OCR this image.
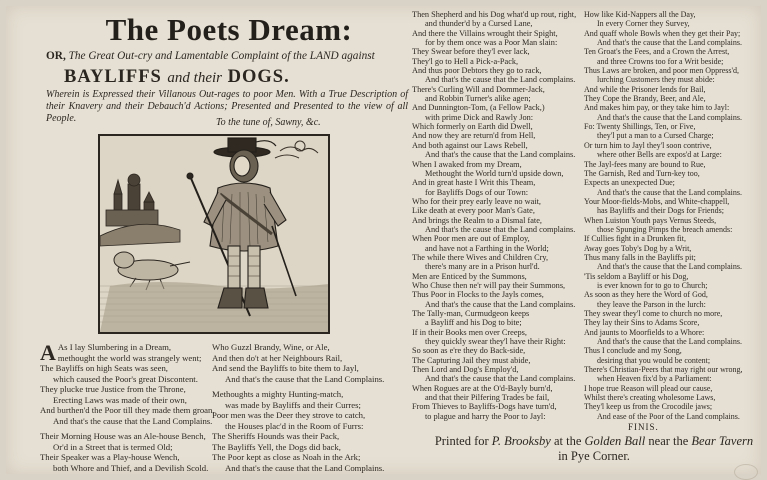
The Poets Dream:
OR, The Great Out-cry and Lamentable Complaint of the LAND against
BAYLIFFS and their DOGS.
Wherein is Expressed their Villanous Out-rages to poor Men. With a True Description of their Knavery and their Debauch'd Actions; Presented and Presented to the view of all People.	To the tune of, Sawny, &c.
A As I lay Slumbering in a Dream,

methought the world was strangely went;

The Bayliffs on high Seats was seen,

which caused the Poor's great Discontent.

They plucke true Justice from the Throne,

Erecting Laws was made of their own,

And burthen'd the Poor till they made them groan,

And that's the cause that the Land Complains.

Their Morning House was an Ale-house Bench,

Or'd in a Street that is termed Old;

Their Speaker was a Play-house Wench,

both Whore and Thief, and a Devilish Scold.

Who Guzzl Brandy, Wine, or Ale,

And then do't at her Neighbours Rail,

And send the Bayliffs to bite them to Jayl,

And that's the cause that the Land Complains.

Methoughts a mighty Hunting-match,

was made by Bayliffs and their Curres;

Poor men was the Deer they strove to catch,

the Houses plac'd in the Room of Furrs:

The Sheriffs Hounds was their Pack,

The Bayliffs Yell, the Dogs did back,

The Poor kept as close as Noah in the Ark;

And that's the cause that the Land Complains.

Then Shepherd and his Dog what'd up rout, right,

and thunder'd by a Cursed Lane,

And there the Villains wrought their Spight,

for by them once was a Poor Man slain:

They Swear before they'l ever lack,

They'l go to Hell a Pick-a-Pack,

And thus poor Debtors they go to rack,

And that's the cause that the Land complains.

There's Curling Will and Dommer-Jack,

and Robbin Turner's alike agen;

And Dunnington-Tom, (a Fellow Pack,)

with prime Dick and Rawly Jon:

Which formerly on Earth did Dwell,

And now they are return'd from Hell,

And both against our Laws Rebell,

And that's the cause that the Land complains.

When I awaked from my Dream,

Methought the World turn'd upside down,

And in great haste I Writ this Theam,

for Bayliffs Dogs of our Town:

Who for their prey early leave no wait,

Like death at every poor Man's Gate,

And brings the Realm to a Dismal fate,

And that's the cause that the Land complains.

When Poor men are out of Employ,

and have not a Farthing in the World;

The while there Wives and Children Cry,

there's many are in a Prison hurl'd.

Men are Enticed by the Summons,

Who Chuse then ne'r will pay their Summons,

Thus Poor in Flocks to the Jayls comes,

And that's the cause that the Land complains.

The Tally-man, Curmudgeon keeps

a Bayliff and his Dog to bite;

If in their Books men over Creeps,

they quickly swear they'l have their Right:

So soon as e're they do Back-side,

The Capturing Jail they must abide,

Then Lord and Dog's Employ'd,

And that's the cause that the Land complains.

When Rogues are at the O'd-Bayly burn'd,

and that their Pilfering Trades be fail,

From Thieves to Bayliffs-Dogs have turn'd,

to plague and harry the Poor to Jayl:

How like Kid-Nappers all the Day,

In every Corner they Survey,

And quaff whole Bowls when they get their Pay;

And that's the cause that the Land complains.

Ten Groat's the Fees, and a Crown the Arrest,

and three Crowns too for a Writ beside;

Thus Laws are broken, and poor men Oppress'd,

lurching Customers they must abide:

And while the Prisoner lends for Bail,

They Cope the Brandy, Beer, and Ale,

And makes him pay, or they take him to Jayl:

And that's the cause that the Land complains.

Fo: Twenty Shillings, Ten, or Five,

they'l put a man to a Cursed Charge;

Or turn him to Jayl they'l soon contrive,

where other Bells are expos'd at Large:

The Jayl-fees many are bound to Rue,

The Garnish, Red and Turn-key too,

Expects an unexpected Due;

And that's the cause that the Land complains.

Your Moor-fields-Mobs, and White-chappell,

has Bayliffs and their Dogs for Friends;

When Luiston Youth pays Vernus Steeds,

those Spunging Pimps the breach amends:

If Cullies fight in a Drunken fit,

Away goes Toby's Dog by a Writ,

Thus many falls in the Bayliffs pit;

And that's the cause that the Land complains.

'Tis seldom a Bayliff or his Dog,

is ever known for to go to Church;

As soon as they here the Word of God,

they leave the Parson in the lurch:

They swear they'l come to church no more,

They lay their Sins to Adams Score,

And jaunts to Moorfields to a Whore:

And that's the cause that the Land complains.

Thus I conclude and my Song,

desiring that you would be content;

There's Christian-Peers that may right our wrong,

when Heaven fix'd by a Parliament:

I hope true Reason will plead our cause,

Whilst there's creating wholesome Laws,

They'l keep us from the Crocodile jaws;

And ease of the Poor of the Land complains.

FINIS.
Printed for P. Brooksby at the Golden Ball near the Bear Tavern
in Pye Corner.
